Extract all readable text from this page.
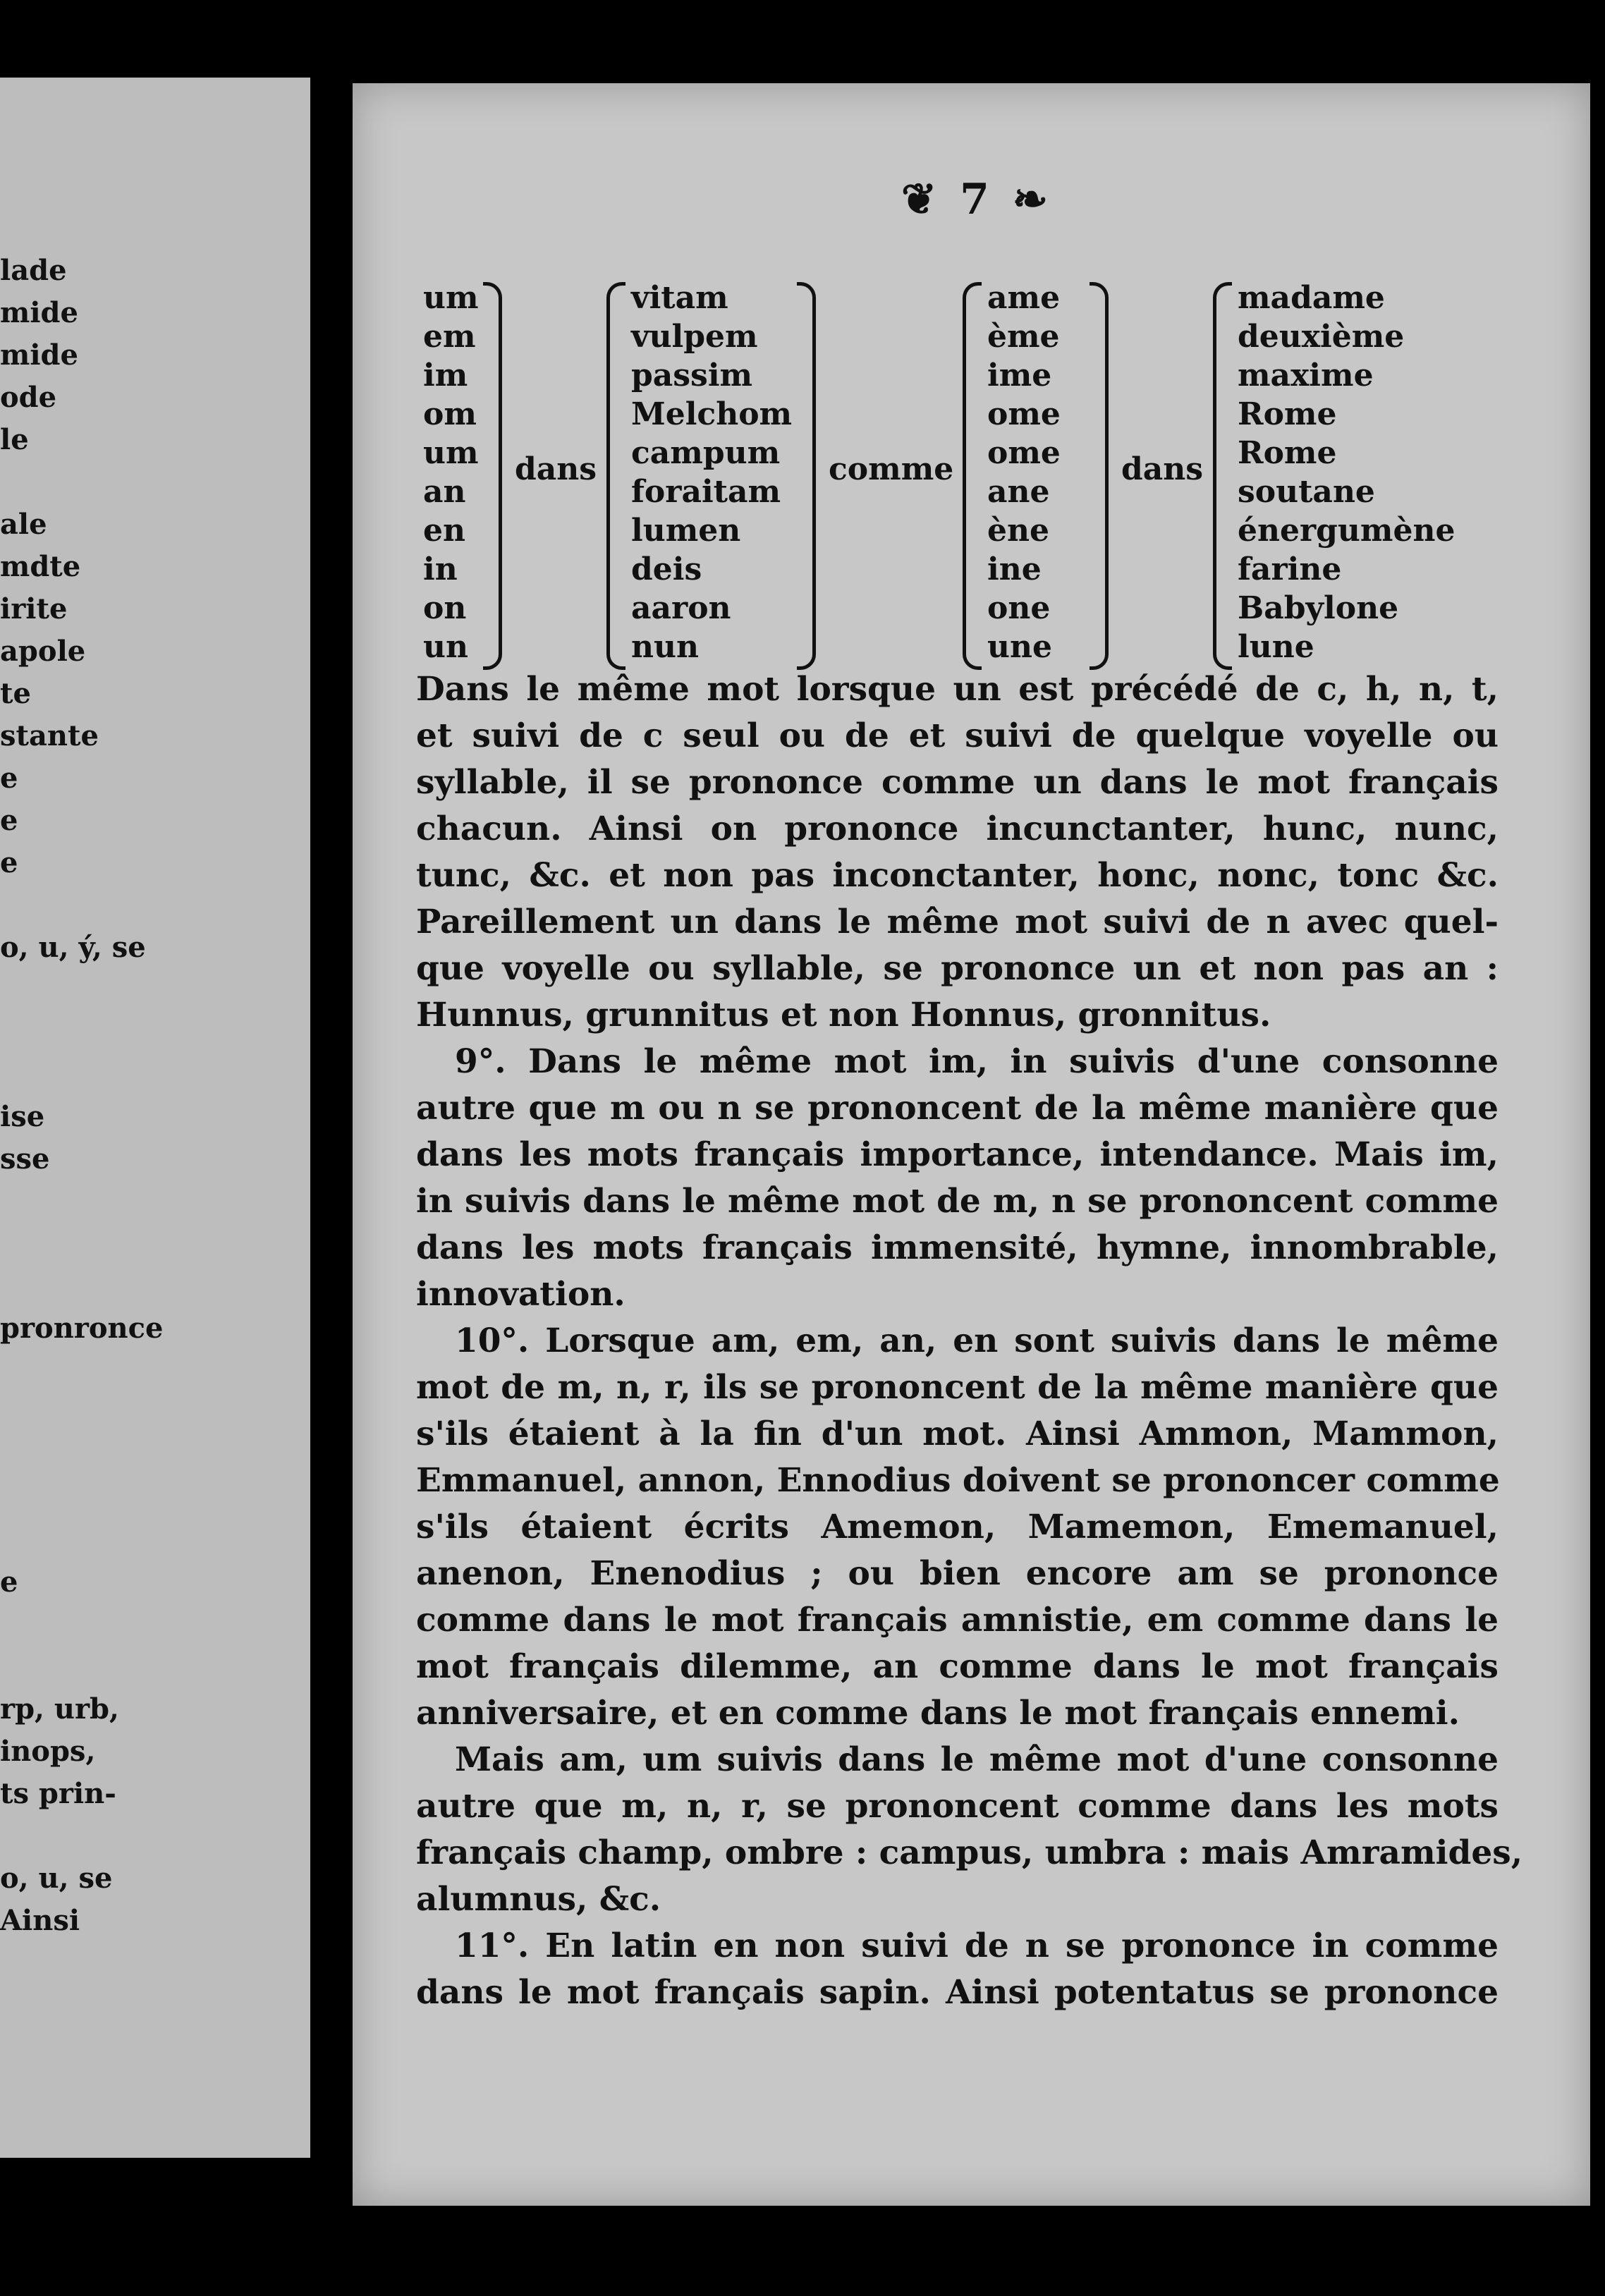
lade
mide
mide
ode
le
ale
mdte
irite
apole
te
stante
e
e
e
o, u, ý, se
ise
sse
pronronce
e
rp, urb,
inops,
ts prin-
o, u, se
Ainsi
❦ 7 ❧
um
em
im
om
um
an
en
in
on
un
dans
vitam
vulpem
passim
Melchom
campum
foraitam
lumen
deis
aaron
nun
comme
ame
ème
ime
ome
ome
ane
ène
ine
one
une
dans
madame
deuxième
maxime
Rome
Rome
soutane
énergumène
farine
Babylone
lune
Dans le même mot lorsque un est précédé de c, h, n, t,
et suivi de c seul ou de et suivi de quelque voyelle ou
syllable, il se prononce comme un dans le mot français
chacun. Ainsi on prononce incunctanter, hunc, nunc,
tunc, &c. et non pas inconctanter, honc, nonc, tonc &c.
Pareillement un dans le même mot suivi de n avec quel-
que voyelle ou syllable, se prononce un et non pas an :
Hunnus, grunnitus et non Honnus, gronnitus.
9°. Dans le même mot im, in suivis d'une consonne
autre que m ou n se prononcent de la même manière que
dans les mots français importance, intendance. Mais im,
in suivis dans le même mot de m, n se prononcent comme
dans les mots français immensité, hymne, innombrable,
innovation.
10°. Lorsque am, em, an, en sont suivis dans le même
mot de m, n, r, ils se prononcent de la même manière que
s'ils étaient à la fin d'un mot. Ainsi Ammon, Mammon,
Emmanuel, annon, Ennodius doivent se prononcer comme
s'ils étaient écrits Amemon, Mamemon, Ememanuel,
anenon, Enenodius ; ou bien encore am se prononce
comme dans le mot français amnistie, em comme dans le
mot français dilemme, an comme dans le mot français
anniversaire, et en comme dans le mot français ennemi.
Mais am, um suivis dans le même mot d'une consonne
autre que m, n, r, se prononcent comme dans les mots
français champ, ombre : campus, umbra : mais Amramides,
alumnus, &c.
11°. En latin en non suivi de n se prononce in comme
dans le mot français sapin. Ainsi potentatus se prononce
